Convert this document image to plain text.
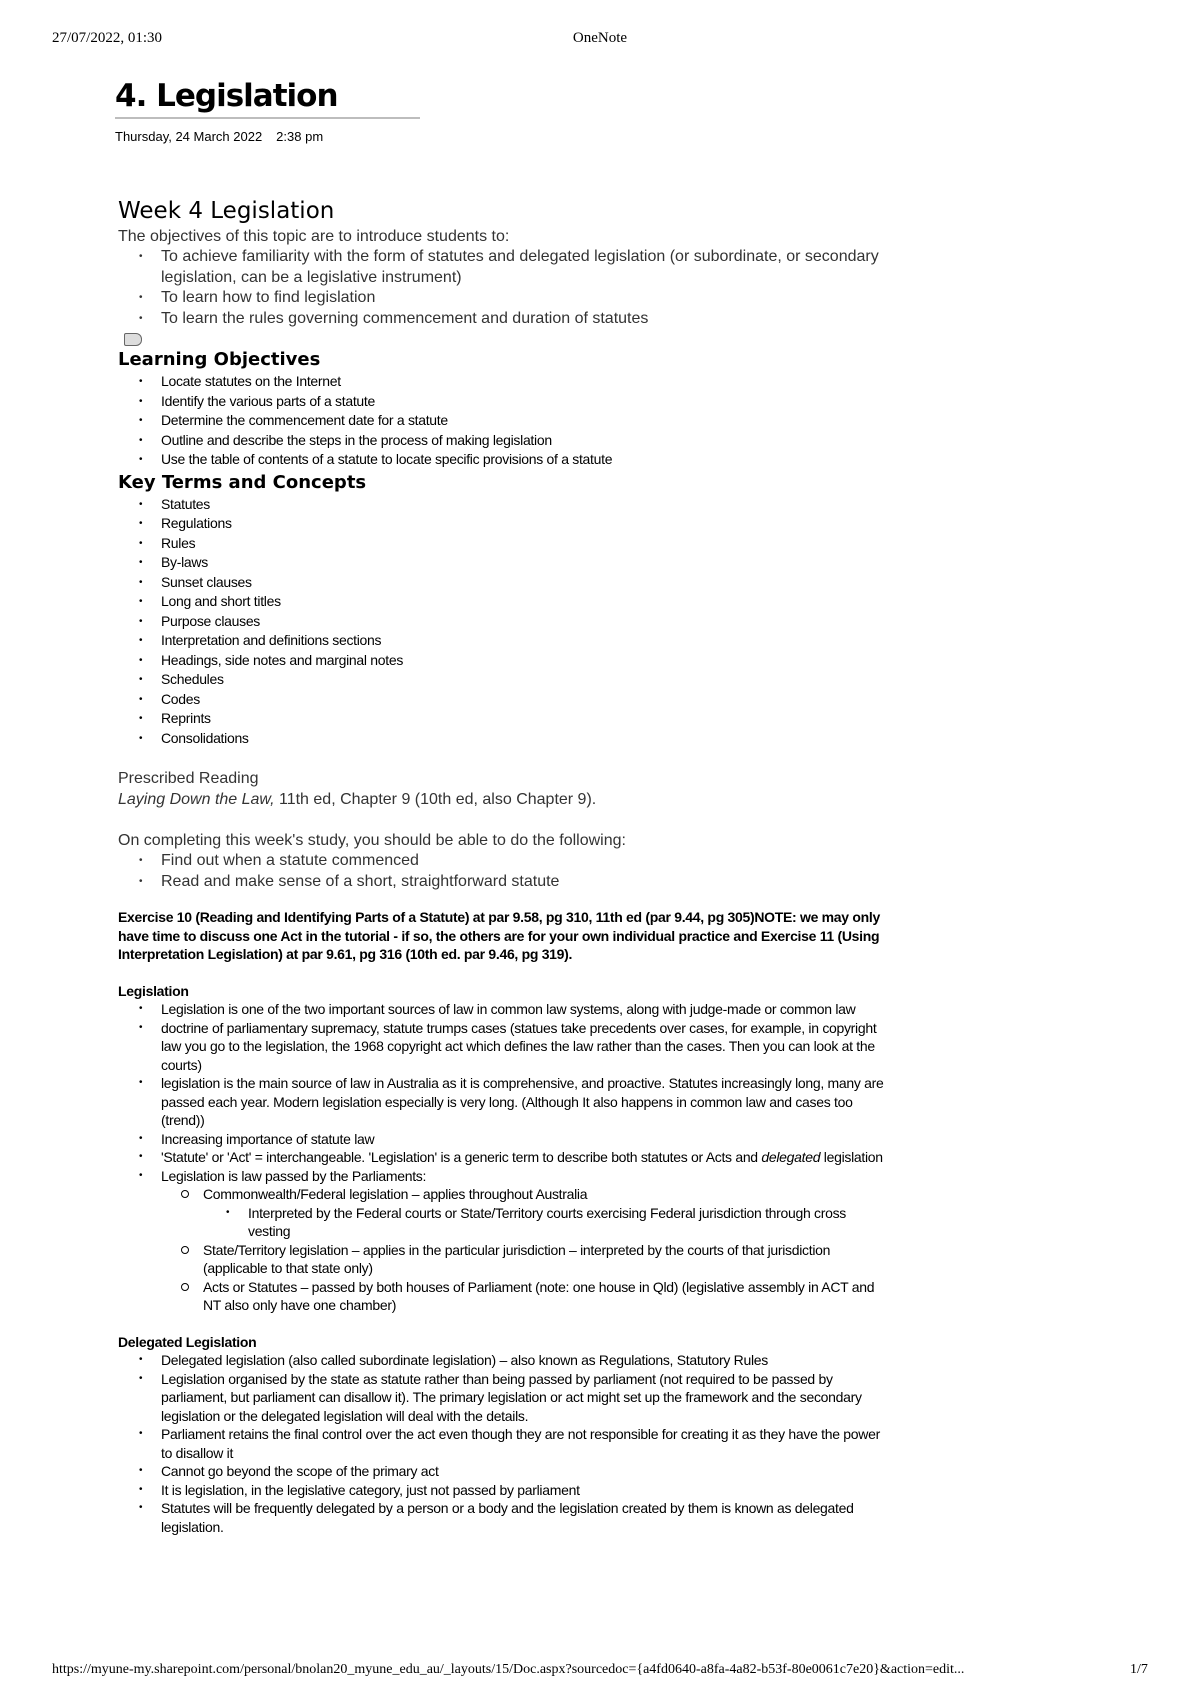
27/07/2022, 01:30	OneNote
4. Legislation
Thursday, 24 March 2022 2:38 pm
Week 4 Legislation
The objectives of this topic are to introduce students to:
• To achieve familiarity with the form of statutes and delegated legislation (or subordinate, or secondary legislation, can be a legislative instrument)
• To learn how to find legislation
• To learn the rules governing commencement and duration of statutes
Learning Objectives
• Locate statutes on the Internet
• Identify the various parts of a statute
• Determine the commencement date for a statute
• Outline and describe the steps in the process of making legislation
• Use the table of contents of a statute to locate specific provisions of a statute
Key Terms and Concepts
• Statutes
• Regulations
• Rules
• By-laws
• Sunset clauses
• Long and short titles
• Purpose clauses
• Interpretation and definitions sections
• Headings, side notes and marginal notes
• Schedules
• Codes
• Reprints
• Consolidations
Prescribed Reading
Laying Down the Law, 11th ed, Chapter 9 (10th ed, also Chapter 9).
On completing this week's study, you should be able to do the following:
• Find out when a statute commenced
• Read and make sense of a short, straightforward statute
Exercise 10 (Reading and Identifying Parts of a Statute) at par 9.58, pg 310, 11th ed (par 9.44, pg 305)NOTE: we may only have time to discuss one Act in the tutorial - if so, the others are for your own individual practice and Exercise 11 (Using Interpretation Legislation) at par 9.61, pg 316 (10th ed. par 9.46, pg 319).
Legislation
• Legislation is one of the two important sources of law in common law systems, along with judge-made or common law
• doctrine of parliamentary supremacy, statute trumps cases (statues take precedents over cases, for example, in copyright law you go to the legislation, the 1968 copyright act which defines the law rather than the cases. Then you can look at the courts)
• legislation is the main source of law in Australia as it is comprehensive, and proactive. Statutes increasingly long, many are passed each year. Modern legislation especially is very long. (Although It also happens in common law and cases too (trend))
• Increasing importance of statute law
• 'Statute' or 'Act' = interchangeable. 'Legislation' is a generic term to describe both statutes or Acts and delegated legislation
• Legislation is law passed by the Parliaments:
Commonwealth/Federal legislation – applies throughout Australia
• Interpreted by the Federal courts or State/Territory courts exercising Federal jurisdiction through cross vesting
State/Territory legislation – applies in the particular jurisdiction – interpreted by the courts of that jurisdiction (applicable to that state only)
Acts or Statutes – passed by both houses of Parliament (note: one house in Qld) (legislative assembly in ACT and NT also only have one chamber)
Delegated Legislation
• Delegated legislation (also called subordinate legislation) – also known as Regulations, Statutory Rules
• Legislation organised by the state as statute rather than being passed by parliament (not required to be passed by parliament, but parliament can disallow it). The primary legislation or act might set up the framework and the secondary legislation or the delegated legislation will deal with the details.
• Parliament retains the final control over the act even though they are not responsible for creating it as they have the power to disallow it
• Cannot go beyond the scope of the primary act
• It is legislation, in the legislative category, just not passed by parliament
• Statutes will be frequently delegated by a person or a body and the legislation created by them is known as delegated legislation.
https://myune-my.sharepoint.com/personal/bnolan20_myune_edu_au/_layouts/15/Doc.aspx?sourcedoc={a4fd0640-a8fa-4a82-b53f-80e0061c7e20}&action=edit...	1/7
